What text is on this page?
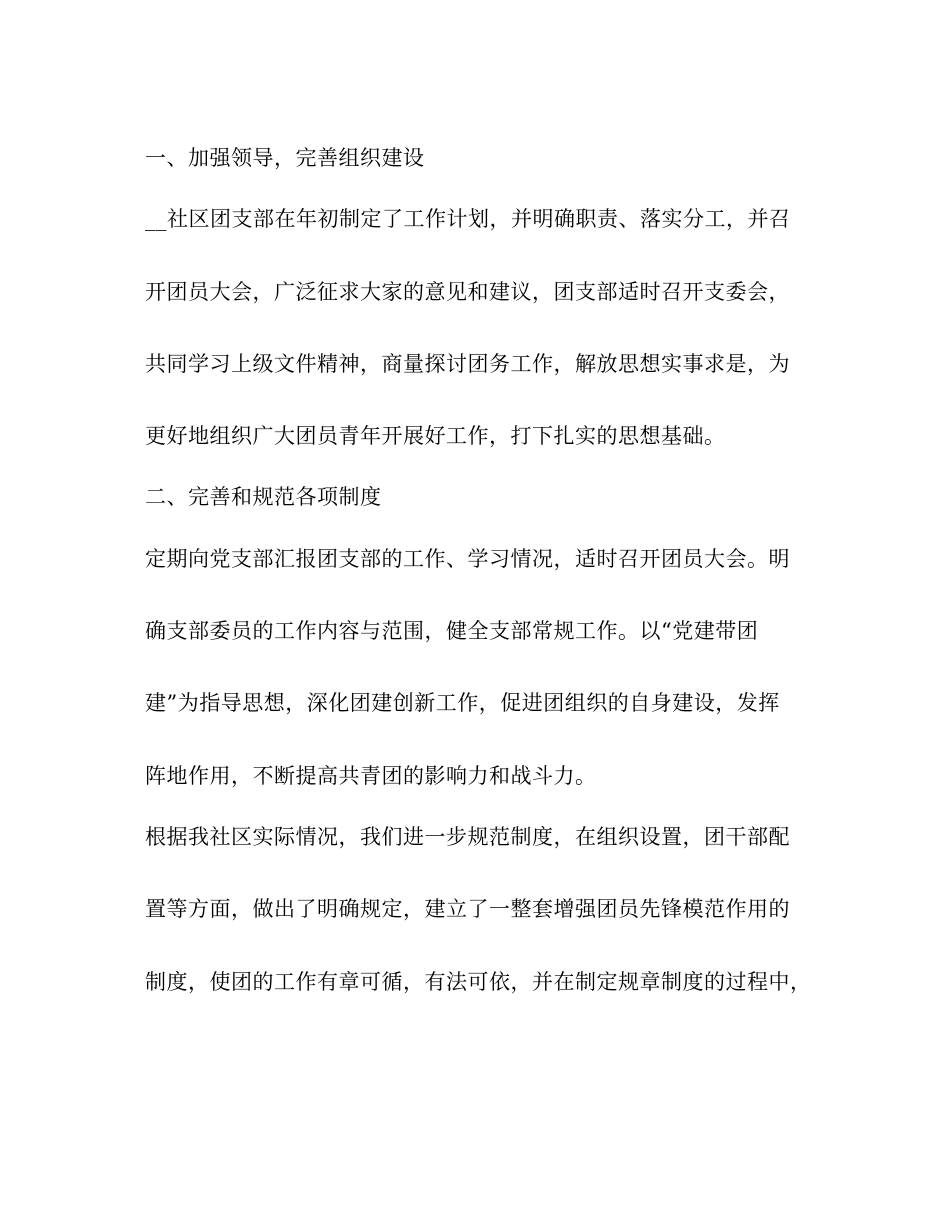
一、加强领导，完善组织建设
__社区团支部在年初制定了工作计划，并明确职责、落实分工，并召
开团员大会，广泛征求大家的意见和建议，团支部适时召开支委会，
共同学习上级文件精神，商量探讨团务工作，解放思想实事求是，为
更好地组织广大团员青年开展好工作，打下扎实的思想基础。
二、完善和规范各项制度
定期向党支部汇报团支部的工作、学习情况，适时召开团员大会。明
确支部委员的工作内容与范围，健全支部常规工作。以“党建带团
建”为指导思想，深化团建创新工作，促进团组织的自身建设，发挥
阵地作用，不断提高共青团的影响力和战斗力。
根据我社区实际情况，我们进一步规范制度，在组织设置，团干部配
置等方面，做出了明确规定，建立了一整套增强团员先锋模范作用的
制度，使团的工作有章可循，有法可依，并在制定规章制度的过程中，
